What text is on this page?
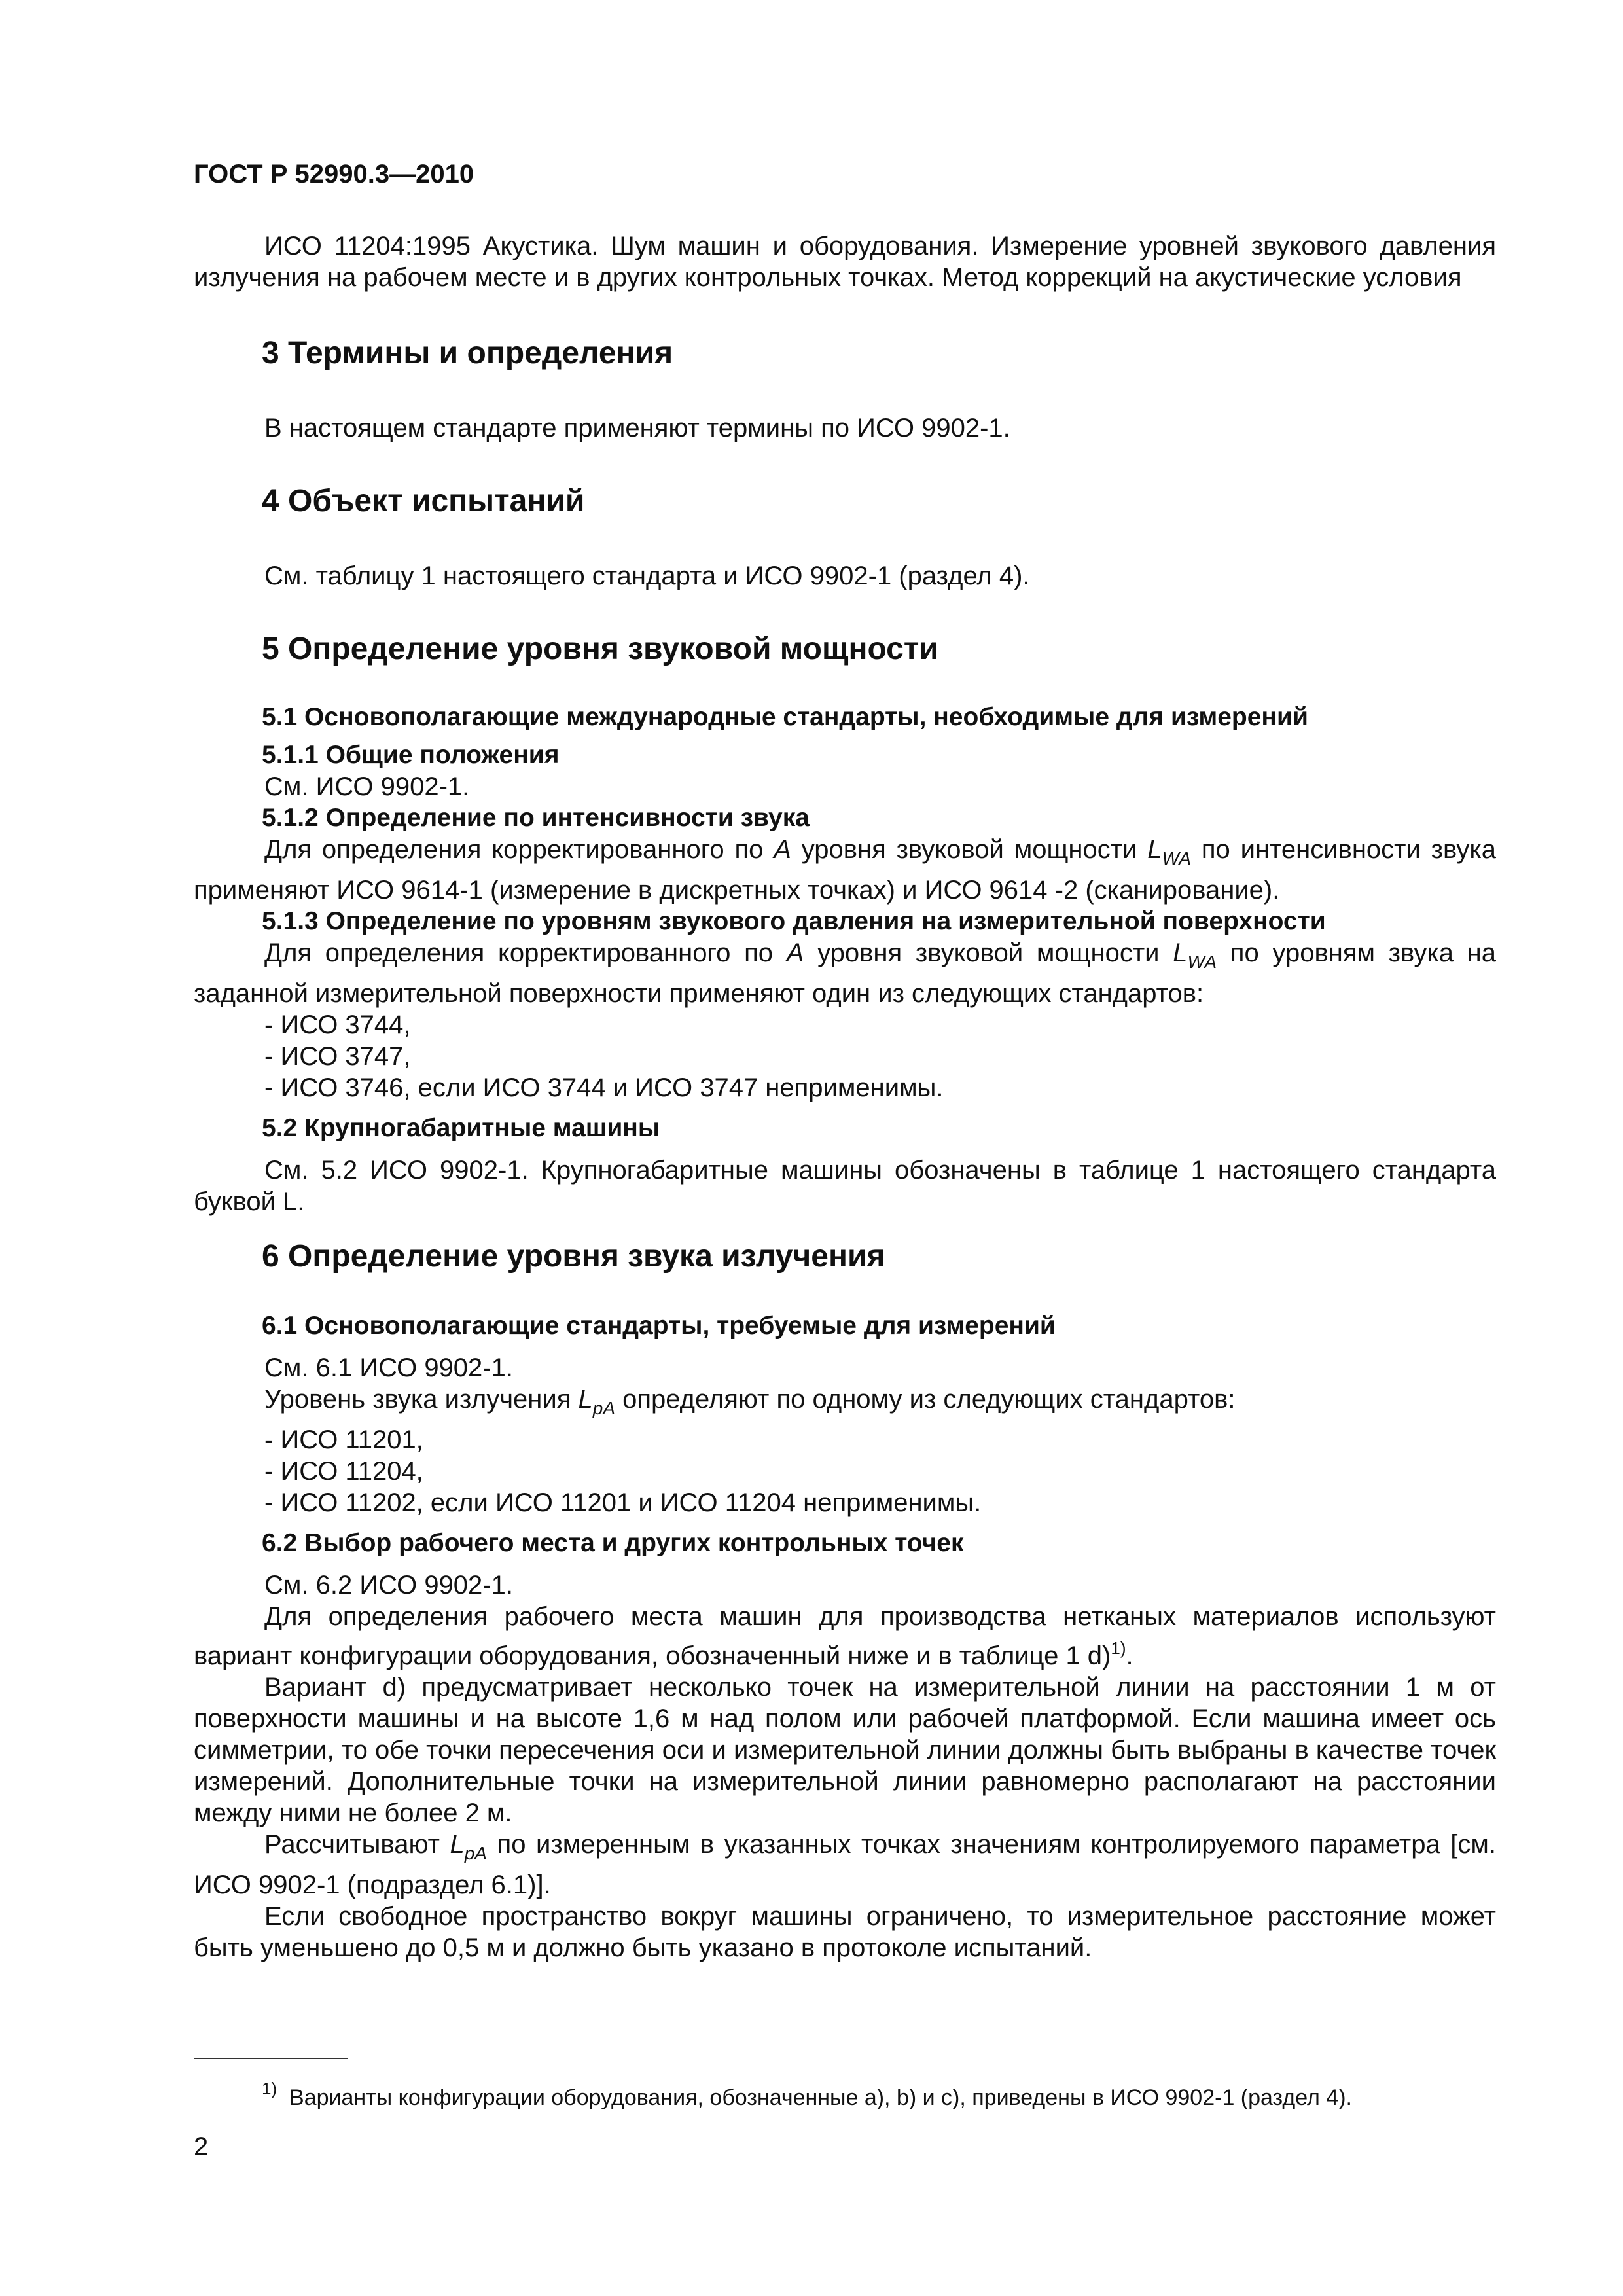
ГОСТ Р 52990.3—2010

ИСО 11204:1995 Акустика. Шум машин и оборудования. Измерение уровней звукового давления излучения на рабочем месте и в других контрольных точках. Метод коррекций на акустические условия

3 Термины и определения

В настоящем стандарте применяют термины по ИСО 9902-1.

4 Объект испытаний

См. таблицу 1 настоящего стандарта и ИСО 9902-1 (раздел 4).

5 Определение уровня звуковой мощности
5.1 Основополагающие международные стандарты, необходимые для измерений
5.1.1 Общие положения

См. ИСО 9902-1.

5.1.2 Определение по интенсивности звука

Для определения корректированного по A уровня звуковой мощности $L_{WA}$ по интенсивности звука применяют ИСО 9614-1 (измерение в дискретных точках) и ИСО 9614 -2 (сканирование).

5.1.3 Определение по уровням звукового давления на измерительной поверхности

Для определения корректированного по A уровня звуковой мощности $L_{WA}$ по уровням звука на заданной измерительной поверхности применяют один из следующих стандартов:

- ИСО 3744,
- ИСО 3747,
- ИСО 3746, если ИСО 3744 и ИСО 3747 неприменимы.
5.2 Крупногабаритные машины

См. 5.2 ИСО 9902-1. Крупногабаритные машины обозначены в таблице 1 настоящего стандарта буквой L.

6 Определение уровня звука излучения
6.1 Основополагающие стандарты, требуемые для измерений

См. 6.1 ИСО 9902-1.

Уровень звука излучения $L_{pA}$ определяют по одному из следующих стандартов:

- ИСО 11201,
- ИСО 11204,
- ИСО 11202, если ИСО 11201 и ИСО 11204 неприменимы.
6.2 Выбор рабочего места и других контрольных точек

См. 6.2 ИСО 9902-1.

Для определения рабочего места машин для производства нетканых материалов используют вариант конфигурации оборудования, обозначенный ниже и в таблице 1 d)$^{1)}$.

Вариант d) предусматривает несколько точек на измерительной линии на расстоянии 1 м от поверхности машины и на высоте 1,6 м над полом или рабочей платформой. Если машина имеет ось симметрии, то обе точки пересечения оси и измерительной линии должны быть выбраны в качестве точек измерений. Дополнительные точки на измерительной линии равномерно располагают на расстоянии между ними не более 2 м.

Рассчитывают $L_{pA}$ по измеренным в указанных точках значениям контролируемого параметра [см. ИСО 9902-1 (подраздел 6.1)].

Если свободное пространство вокруг машины ограничено, то измерительное расстояние может быть уменьшено до 0,5 м и должно быть указано в протоколе испытаний.

$^{1)}$ Варианты конфигурации оборудования, обозначенные a), b) и c), приведены в ИСО 9902-1 (раздел 4).
2
